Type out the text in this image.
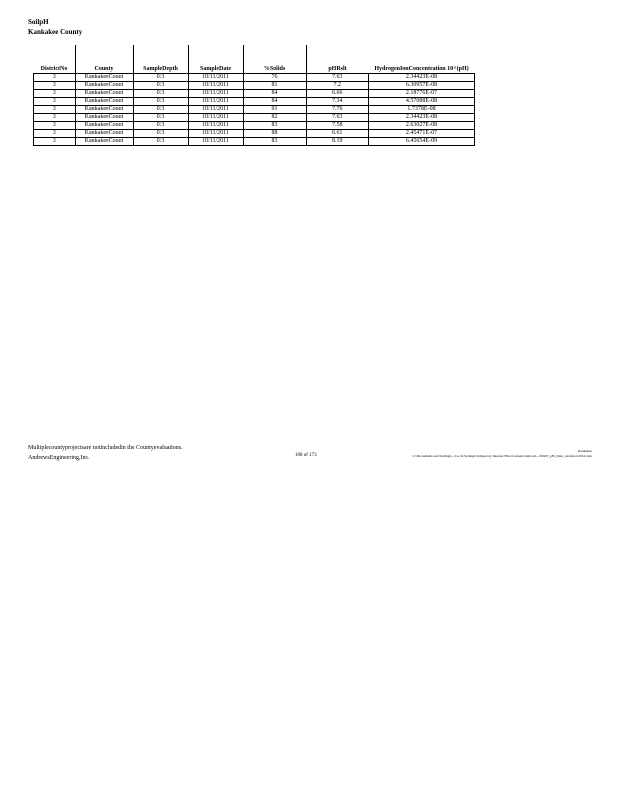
SoilpH
Kankakee County
DistrictNo	County	SampleDepth	SampleDate	%Solids	pHRslt	HydrogenIonConcentration 10^(pH)
3	KankakeeCount	0:3	10/11/2011	76	7.63	2.34423E-08
3	KankakeeCount	0:3	10/11/2011	81	7.2	6.30957E-08
3	KankakeeCount	0:3	10/11/2011	84	6.66	2.18776E-07
3	KankakeeCount	0:3	10/11/2011	84	7.34	4.57088E-08
3	KankakeeCount	0:3	10/11/2011	91	7.76	1.7378E-08
3	KankakeeCount	0:3	10/11/2011	82	7.63	2.34423E-08
3	KankakeeCount	0:3	10/11/2011	83	7.58	2.63027E-08
3	KankakeeCount	0:3	10/11/2011	88	6.61	2.45471E-07
3	KankakeeCount	0:3	10/11/2011	83	8.19	6.45654E-09
Multiplecountyprojectsare notincludedin the Countyevaluations.
AndrewsEngineering,Inc.	108 of 173
Kankakee
C:\Documents and Settings\...\Local Settings\Temporary Internet Files\Content.Outlook\...\IDOT_pH_Data_Andrews\2012.xlsx
